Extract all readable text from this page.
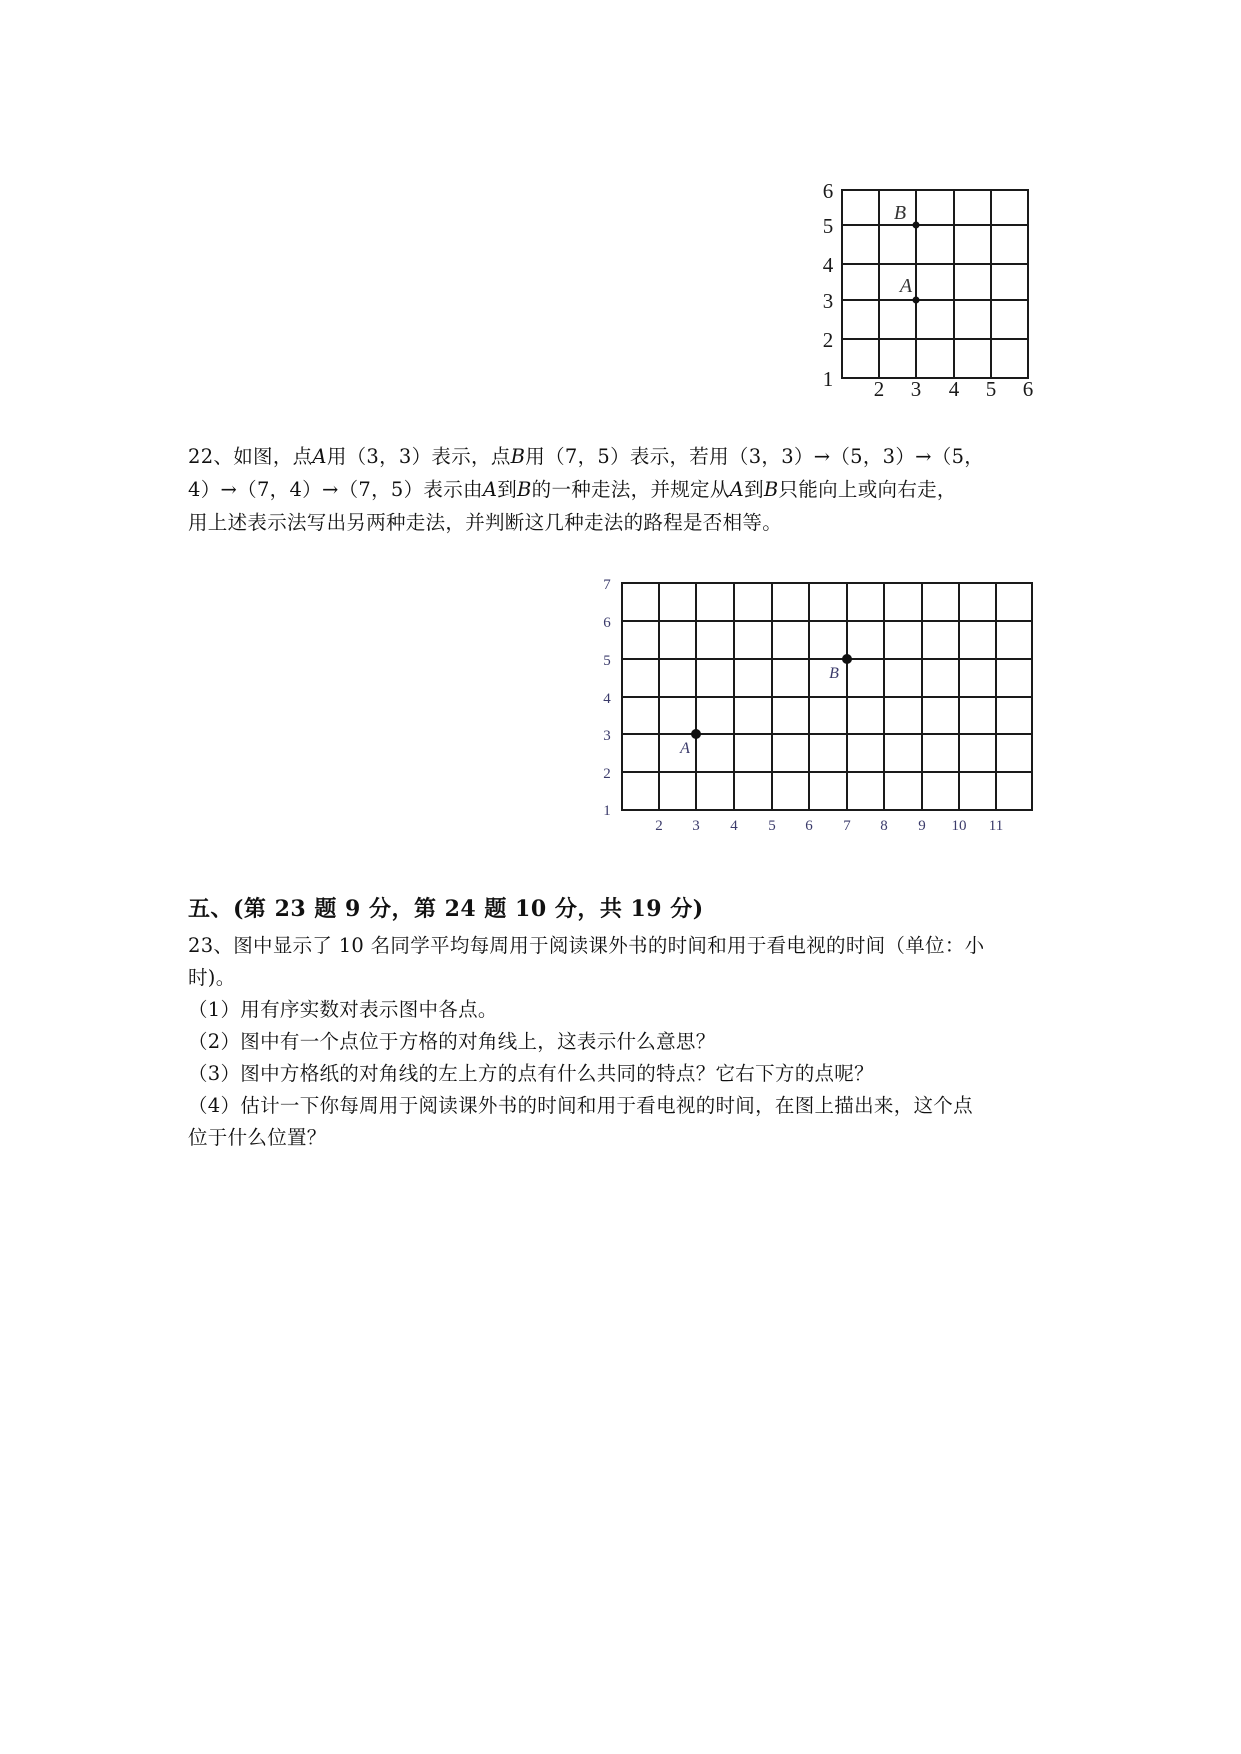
6
5
4
3
2
1 2 3 4 5 6
B
A
22、如图，点A用（3，3）表示，点B用（7，5）表示，若用（3，3）→（5，3）→（5，
4）→（7，4）→（7，5）表示由A到B的一种走法，并规定从A到B只能向上或向右走，
用上述表示法写出另两种走法，并判断这几种走法的路程是否相等。
7
6
5
4
3
2
1
2 3 4 5 6 7 8 9 10 11
B
A
五、(第 23 题 9 分，第 24 题 10 分，共 19 分)
23、图中显示了 10 名同学平均每周用于阅读课外书的时间和用于看电视的时间（单位：小
时)。
（1）用有序实数对表示图中各点。
（2）图中有一个点位于方格的对角线上，这表示什么意思？
（3）图中方格纸的对角线的左上方的点有什么共同的特点？它右下方的点呢？
（4）估计一下你每周用于阅读课外书的时间和用于看电视的时间，在图上描出来，这个点
位于什么位置？
